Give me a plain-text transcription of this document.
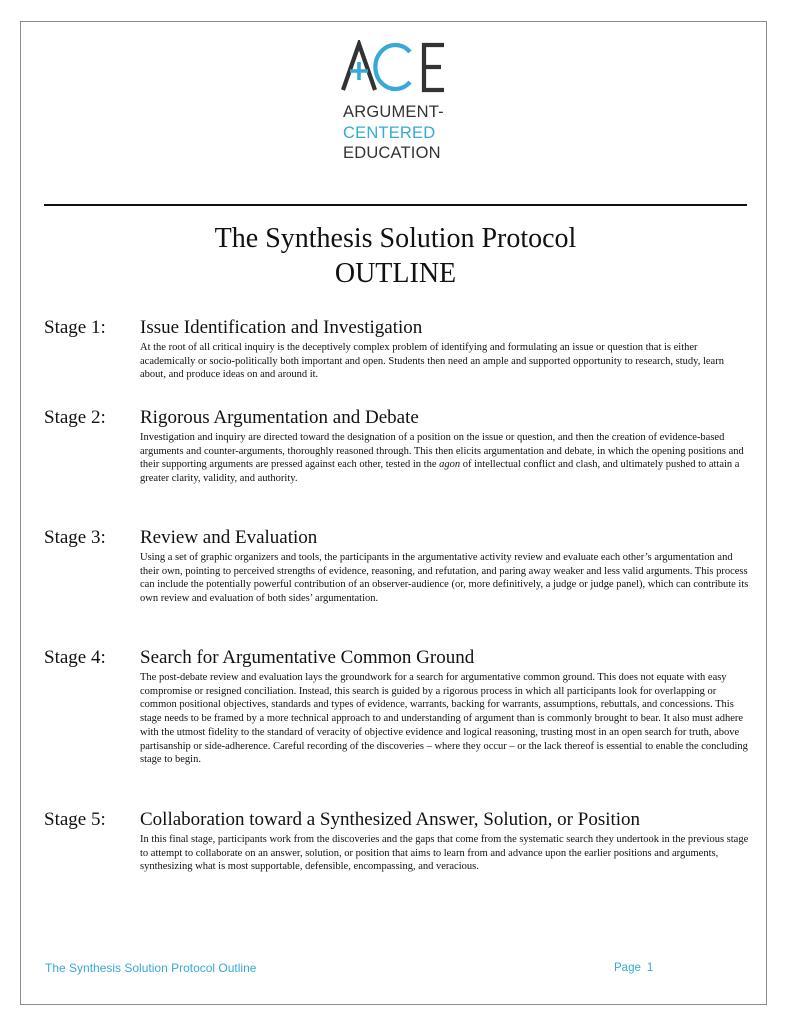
ARGUMENT-
CENTERED
EDUCATION
The Synthesis Solution Protocol
OUTLINE
Stage 1: Issue Identification and Investigation

At the root of all critical inquiry is the deceptively complex problem of identifying and formulating an issue or question that is either academically or socio-politically both important and open. Students then need an ample and supported opportunity to research, study, learn about, and produce ideas on and around it.

Stage 2: Rigorous Argumentation and Debate

Investigation and inquiry are directed toward the designation of a position on the issue or question, and then the creation of evidence-based arguments and counter-arguments, thoroughly reasoned through. This then elicits argumentation and debate, in which the opening positions and their supporting arguments are pressed against each other, tested in the agon of intellectual conflict and clash, and ultimately pushed to attain a greater clarity, validity, and authority.

Stage 3: Review and Evaluation

Using a set of graphic organizers and tools, the participants in the argumentative activity review and evaluate each other’s argumentation and their own, pointing to perceived strengths of evidence, reasoning, and refutation, and paring away weaker and less valid arguments. This process can include the potentially powerful contribution of an observer-audience (or, more definitively, a judge or judge panel), which can contribute its own review and evaluation of both sides’ argumentation.

Stage 4: Search for Argumentative Common Ground

The post-debate review and evaluation lays the groundwork for a search for argumentative common ground. This does not equate with easy compromise or resigned conciliation. Instead, this search is guided by a rigorous process in which all participants look for overlapping or common positional objectives, standards and types of evidence, warrants, backing for warrants, assumptions, rebuttals, and concessions. This stage needs to be framed by a more technical approach to and understanding of argument than is commonly brought to bear. It also must adhere with the utmost fidelity to the standard of veracity of objective evidence and logical reasoning, trusting most in an open search for truth, above partisanship or side-adherence. Careful recording of the discoveries – where they occur – or the lack thereof is essential to enable the concluding stage to begin.

Stage 5: Collaboration toward a Synthesized Answer, Solution, or Position

In this final stage, participants work from the discoveries and the gaps that come from the systematic search they undertook in the previous stage to attempt to collaborate on an answer, solution, or position that aims to learn from and advance upon the earlier positions and arguments, synthesizing what is most supportable, defensible, encompassing, and veracious.

The Synthesis Solution Protocol Outline	Page 1
